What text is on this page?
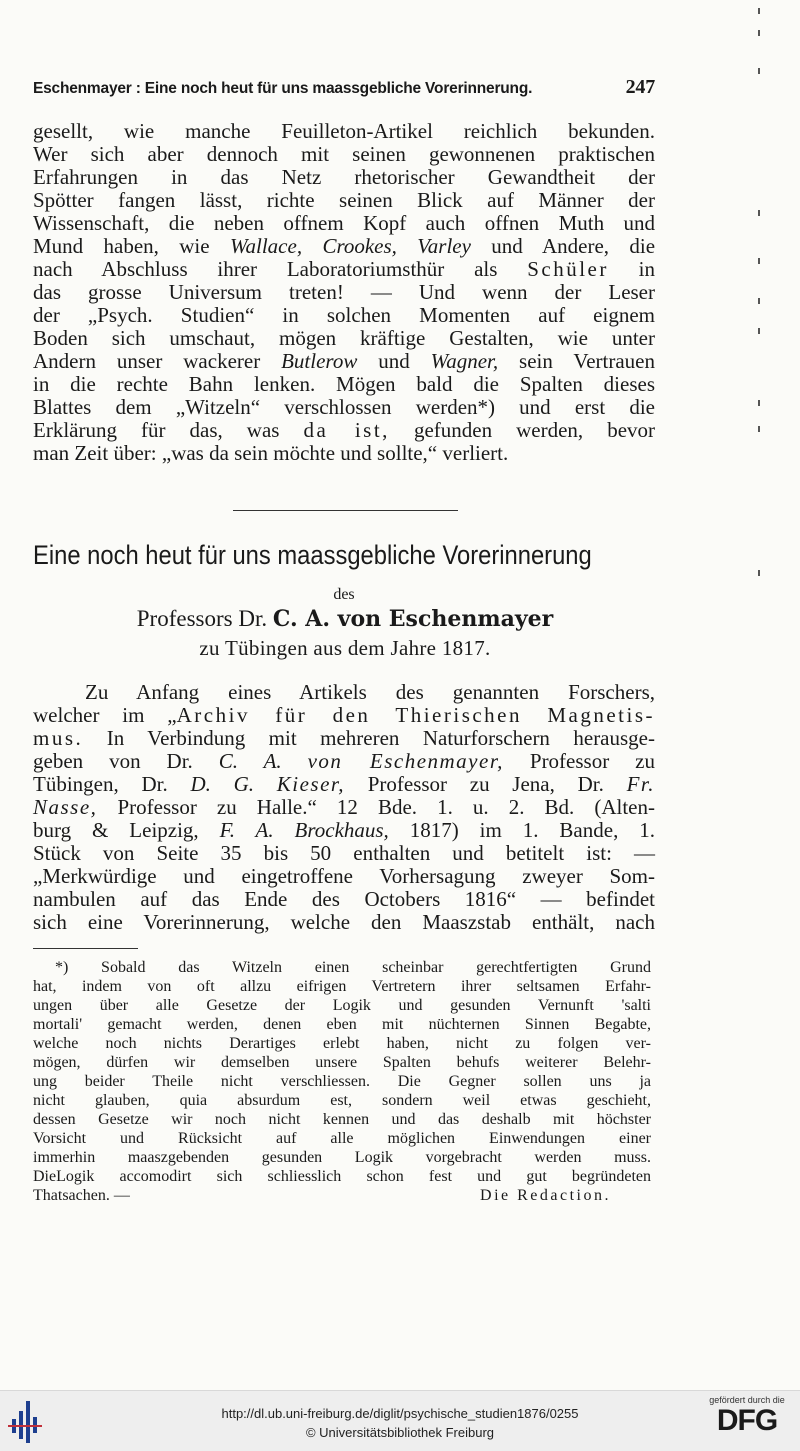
Eschenmayer : Eine noch heut für uns maassgebliche Vorerinnerung.	247
gesellt, wie manche Feuilleton-Artikel reichlich bekunden.
Wer sich aber dennoch mit seinen gewonnenen praktischen
Erfahrungen in das Netz rhetorischer Gewandtheit der
Spötter fangen lässt, richte seinen Blick auf Männer der
Wissenschaft, die neben offnem Kopf auch offnen Muth und
Mund haben, wie Wallace, Crookes, Varley und Andere, die
nach Abschluss ihrer Laboratoriumsthür als Schüler in
das grosse Universum treten! — Und wenn der Leser
der „Psych. Studien“ in solchen Momenten auf eignem
Boden sich umschaut, mögen kräftige Gestalten, wie unter
Andern unser wackerer Butlerow und Wagner, sein Vertrauen
in die rechte Bahn lenken. Mögen bald die Spalten dieses
Blattes dem „Witzeln“ verschlossen werden*) und erst die
Erklärung für das, was da ist, gefunden werden, bevor
man Zeit über: „was da sein möchte und sollte,“ verliert.
Eine noch heut für uns maassgebliche Vorerinnerung
des
Professors Dr. C. A. von Eschenmayer
zu Tübingen aus dem Jahre 1817.
Zu Anfang eines Artikels des genannten Forschers,
welcher im „Archiv für den Thierischen Magnetis-
mus. In Verbindung mit mehreren Naturforschern herausge-
geben von Dr. C. A. von Eschenmayer, Professor zu
Tübingen, Dr. D. G. Kieser, Professor zu Jena, Dr. Fr.
Nasse, Professor zu Halle.“ 12 Bde. 1. u. 2. Bd. (Alten-
burg & Leipzig, F. A. Brockhaus, 1817) im 1. Bande, 1.
Stück von Seite 35 bis 50 enthalten und betitelt ist: —
„Merkwürdige und eingetroffene Vorhersagung zweyer Som-
nambulen auf das Ende des Octobers 1816“ — befindet
sich eine Vorerinnerung, welche den Maaszstab enthält, nach
*) Sobald das Witzeln einen scheinbar gerechtfertigten Grund
hat, indem von oft allzu eifrigen Vertretern ihrer seltsamen Erfahr-
ungen über alle Gesetze der Logik und gesunden Vernunft 'salti
mortali' gemacht werden, denen eben mit nüchternen Sinnen Begabte,
welche noch nichts Derartiges erlebt haben, nicht zu folgen ver-
mögen, dürfen wir demselben unsere Spalten behufs weiterer Belehr-
ung beider Theile nicht verschliessen. Die Gegner sollen uns ja
nicht glauben, quia absurdum est, sondern weil etwas geschieht,
dessen Gesetze wir noch nicht kennen und das deshalb mit höchster
Vorsicht und Rücksicht auf alle möglichen Einwendungen einer
immerhin maaszgebenden gesunden Logik vorgebracht werden muss.
DieLogik accomodirt sich schliesslich schon fest und gut begründeten
Thatsachen. —	Die Redaction.
http://dl.ub.uni-freiburg.de/diglit/psychische_studien1876/0255
© Universitätsbibliothek Freiburg
gefördert durch die
DFG
